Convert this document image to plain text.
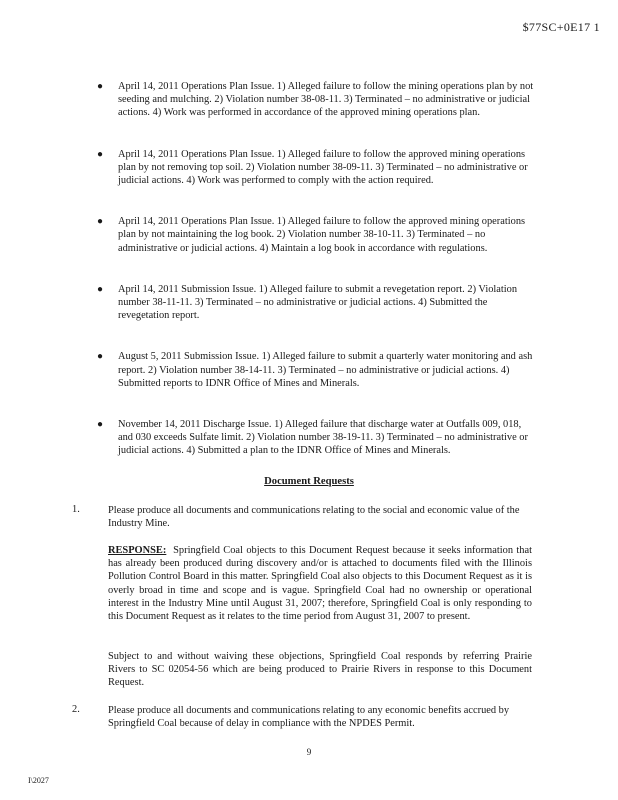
$77SC+0E17 1
● April 14, 2011 Operations Plan Issue. 1) Alleged failure to follow the mining operations plan by not seeding and mulching. 2) Violation number 38-08-11. 3) Terminated – no administrative or judicial actions. 4) Work was performed in accordance of the approved mining operations plan.
● April 14, 2011 Operations Plan Issue. 1) Alleged failure to follow the approved mining operations plan by not removing top soil. 2) Violation number 38-09-11. 3) Terminated – no administrative or judicial actions. 4) Work was performed to comply with the action required.
● April 14, 2011 Operations Plan Issue. 1) Alleged failure to follow the approved mining operations plan by not maintaining the log book. 2) Violation number 38-10-11. 3) Terminated – no administrative or judicial actions. 4) Maintain a log book in accordance with regulations.
● April 14, 2011 Submission Issue. 1) Alleged failure to submit a revegetation report. 2) Violation number 38-11-11. 3) Terminated – no administrative or judicial actions. 4) Submitted the revegetation report.
● August 5, 2011 Submission Issue. 1) Alleged failure to submit a quarterly water monitoring and ash report. 2) Violation number 38-14-11. 3) Terminated – no administrative or judicial actions. 4) Submitted reports to IDNR Office of Mines and Minerals.
● November 14, 2011 Discharge Issue. 1) Alleged failure that discharge water at Outfalls 009, 018, and 030 exceeds Sulfate limit. 2) Violation number 38-19-11. 3) Terminated – no administrative or judicial actions. 4) Submitted a plan to the IDNR Office of Mines and Minerals.
Document Requests
1.	Please produce all documents and communications relating to the social and economic value of the Industry Mine.
RESPONSE: Springfield Coal objects to this Document Request because it seeks information that has already been produced during discovery and/or is attached to documents filed with the Illinois Pollution Control Board in this matter. Springfield Coal also objects to this Document Request as it is overly broad in time and scope and is vague. Springfield Coal had no ownership or operational interest in the Industry Mine until August 31, 2007; therefore, Springfield Coal is only responding to this Document Request as it relates to the time period from August 31, 2007 to present.
Subject to and without waiving these objections, Springfield Coal responds by referring Prairie Rivers to SC 02054-56 which are being produced to Prairie Rivers in response to this Document Request.
2.	Please produce all documents and communications relating to any economic benefits accrued by Springfield Coal because of delay in compliance with the NPDES Permit.
9
I\2027
